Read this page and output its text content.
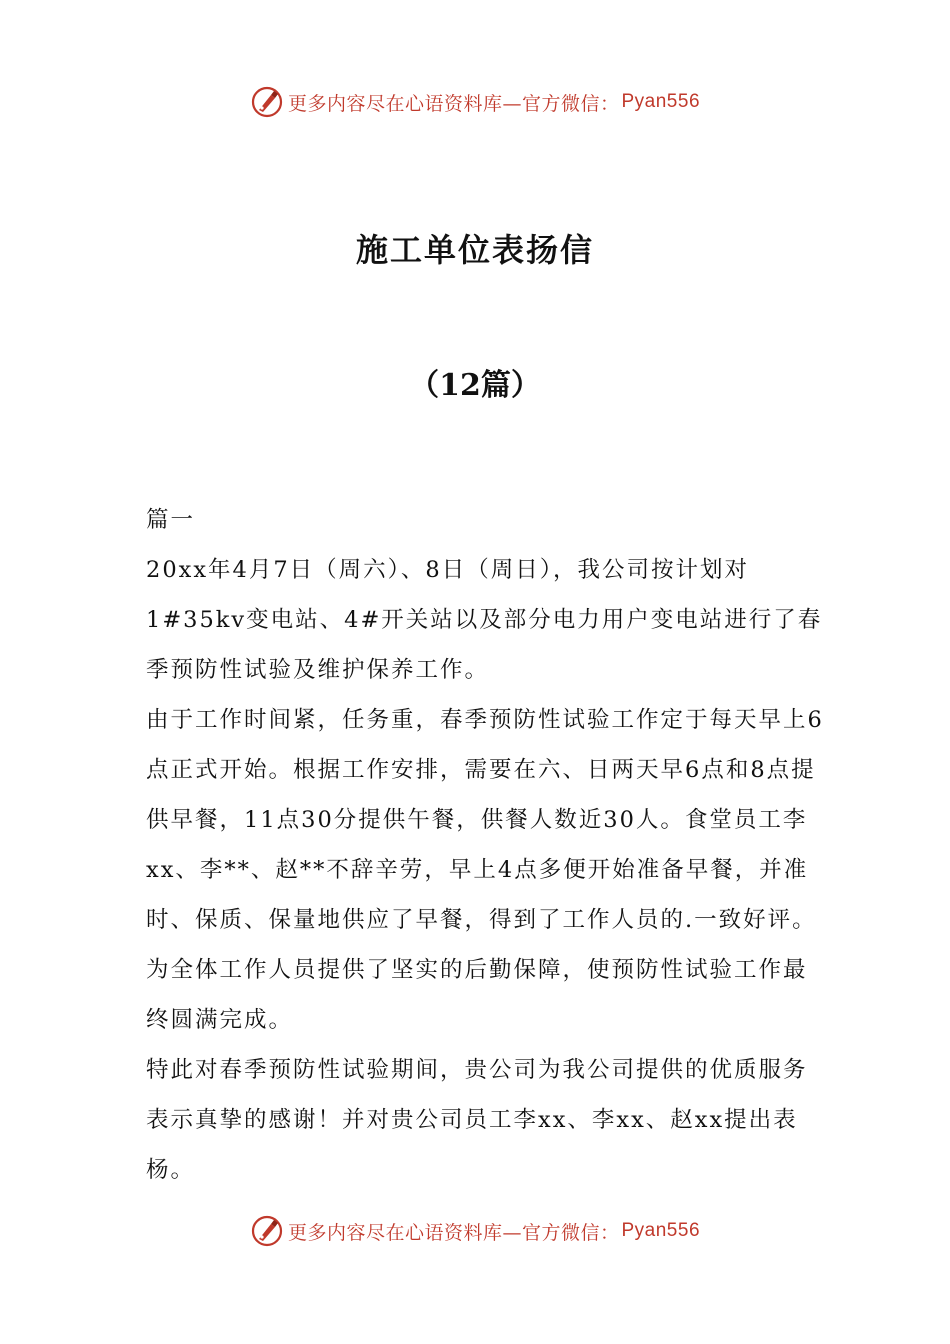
更多内容尽在心语资料库—官方微信： Pyan556
施工单位表扬信
（12篇）

篇一

20xx年4月7日（周六）、8日（周日），我公司按计划对1#35kv变电站、4#开关站以及部分电力用户变电站进行了春季预防性试验及维护保养工作。

由于工作时间紧，任务重，春季预防性试验工作定于每天早上6点正式开始。根据工作安排，需要在六、日两天早6点和8点提供早餐，11点30分提供午餐，供餐人数近30人。食堂员工李xx、李**、赵**不辞辛劳，早上4点多便开始准备早餐，并准时、保质、保量地供应了早餐，得到了工作人员的.一致好评。为全体工作人员提供了坚实的后勤保障，使预防性试验工作最终圆满完成。

特此对春季预防性试验期间，贵公司为我公司提供的优质服务表示真挚的感谢！并对贵公司员工李xx、李xx、赵xx提出表杨。

更多内容尽在心语资料库—官方微信： Pyan556
